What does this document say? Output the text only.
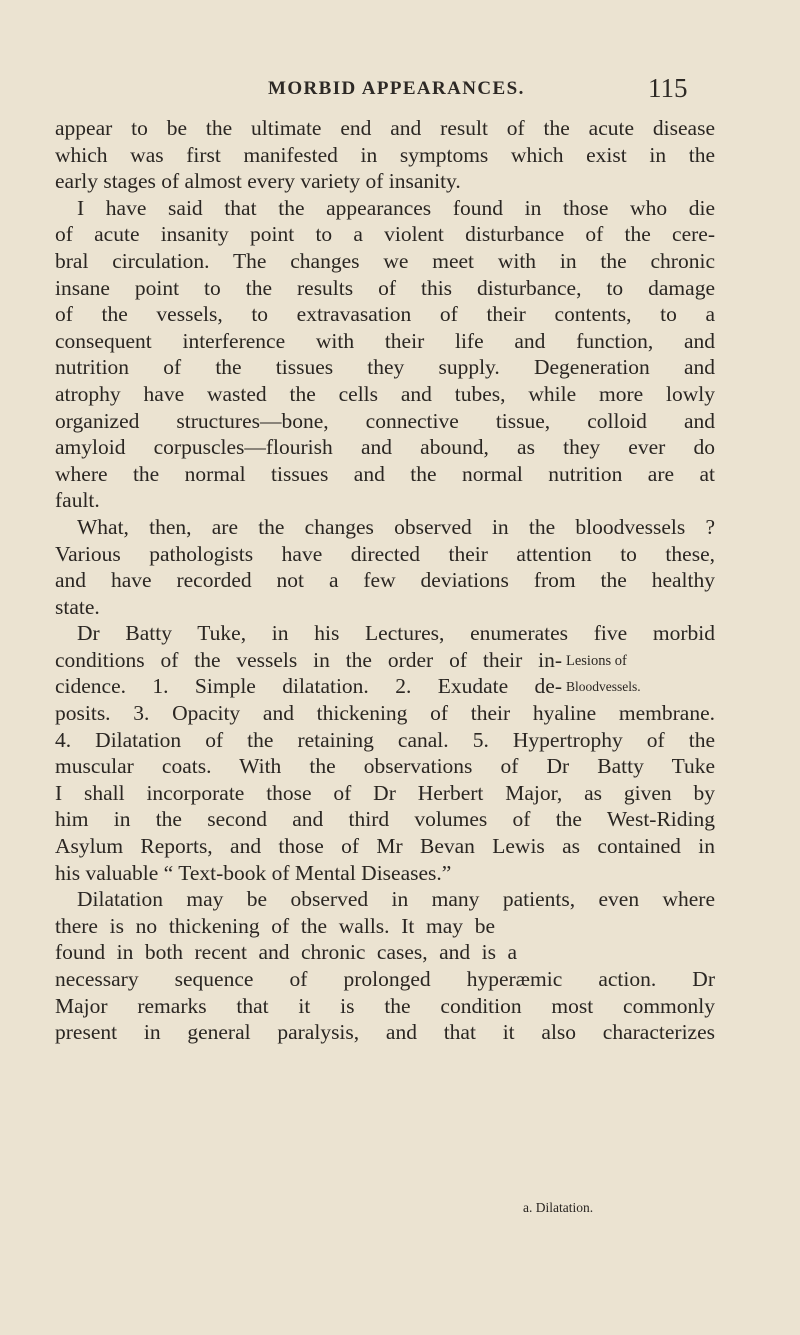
MORBID APPEARANCES.	115
appear to be the ultimate end and result of the acute disease
which was first manifested in symptoms which exist in the
early stages of almost every variety of insanity.
I have said that the appearances found in those who die
of acute insanity point to a violent disturbance of the cere-
bral circulation. The changes we meet with in the chronic
insane point to the results of this disturbance, to damage
of the vessels, to extravasation of their contents, to a
consequent interference with their life and function, and
nutrition of the tissues they supply. Degeneration and
atrophy have wasted the cells and tubes, while more lowly
organized structures—bone, connective tissue, colloid and
amyloid corpuscles—flourish and abound, as they ever do
where the normal tissues and the normal nutrition are at
fault.
What, then, are the changes observed in the bloodvessels ?
Various pathologists have directed their attention to these,
and have recorded not a few deviations from the healthy
state.
Dr Batty Tuke, in his Lectures, enumerates five morbid
conditions of the vessels in the order of their in-
cidence. 1. Simple dilatation. 2. Exudate de-
posits. 3. Opacity and thickening of their hyaline membrane.
4. Dilatation of the retaining canal. 5. Hypertrophy of the
muscular coats. With the observations of Dr Batty Tuke
I shall incorporate those of Dr Herbert Major, as given by
him in the second and third volumes of the West-Riding
Asylum Reports, and those of Mr Bevan Lewis as contained in
his valuable “ Text-book of Mental Diseases.”
Dilatation may be observed in many patients, even where
there is no thickening of the walls. It may be
found in both recent and chronic cases, and is a
necessary sequence of prolonged hyperæmic action. Dr
Major remarks that it is the condition most commonly
present in general paralysis, and that it also characterizes
Lesions of
Bloodvessels.
a. Dilatation.
